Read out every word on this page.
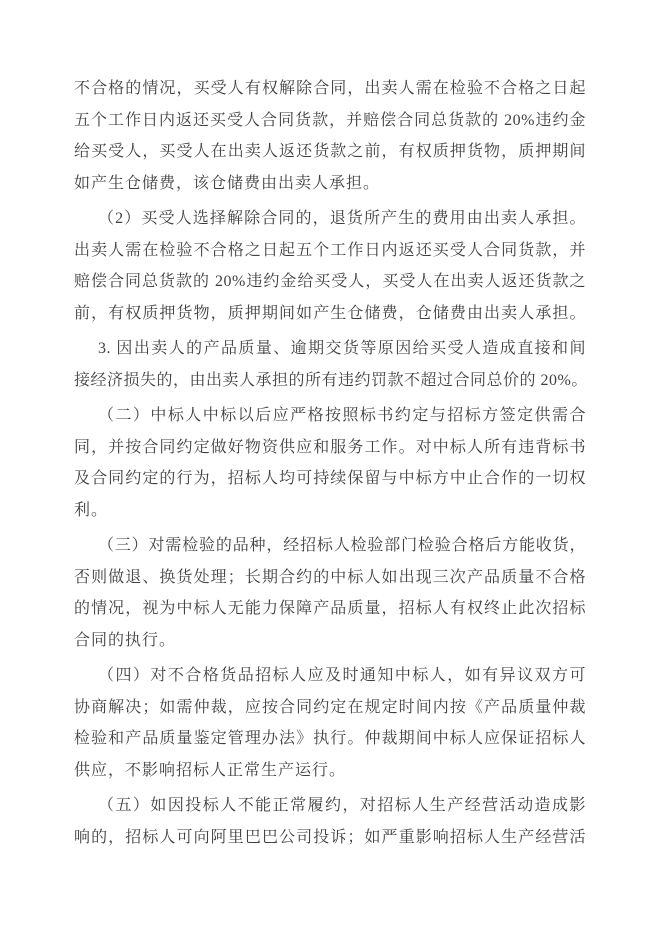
不合格的情况，买受人有权解除合同，出卖人需在检验不合格之日起
五个工作日内返还买受人合同货款，并赔偿合同总货款的 20%违约金
给买受人，买受人在出卖人返还货款之前，有权质押货物，质押期间
如产生仓储费，该仓储费由出卖人承担。
（2）买受人选择解除合同的，退货所产生的费用由出卖人承担。
出卖人需在检验不合格之日起五个工作日内返还买受人合同货款，并
赔偿合同总货款的 20%违约金给买受人，买受人在出卖人返还货款之
前，有权质押货物，质押期间如产生仓储费，仓储费由出卖人承担。
3. 因出卖人的产品质量、逾期交货等原因给买受人造成直接和间
接经济损失的，由出卖人承担的所有违约罚款不超过合同总价的 20%。
（二）中标人中标以后应严格按照标书约定与招标方签定供需合
同，并按合同约定做好物资供应和服务工作。对中标人所有违背标书
及合同约定的行为，招标人均可持续保留与中标方中止合作的一切权
利。
（三）对需检验的品种，经招标人检验部门检验合格后方能收货，
否则做退、换货处理；长期合约的中标人如出现三次产品质量不合格
的情况，视为中标人无能力保障产品质量，招标人有权终止此次招标
合同的执行。
（四）对不合格货品招标人应及时通知中标人，如有异议双方可
协商解决；如需仲裁，应按合同约定在规定时间内按《产品质量仲裁
检验和产品质量鉴定管理办法》执行。仲裁期间中标人应保证招标人
供应，不影响招标人正常生产运行。
（五）如因投标人不能正常履约，对招标人生产经营活动造成影
响的，招标人可向阿里巴巴公司投诉；如严重影响招标人生产经营活
